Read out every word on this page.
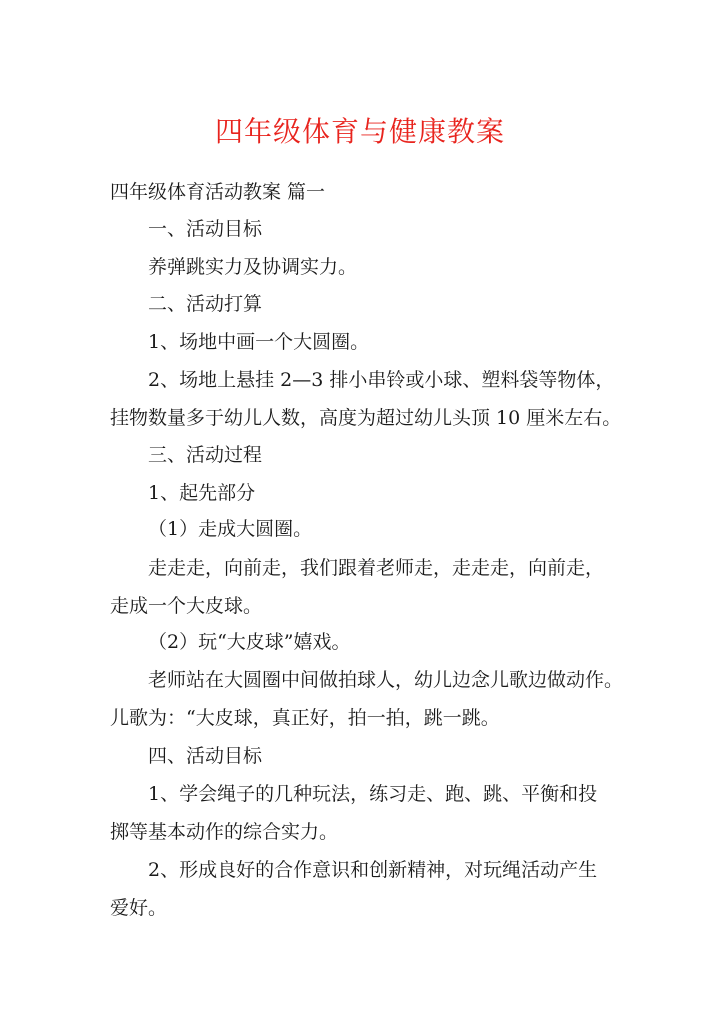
四年级体育与健康教案
四年级体育活动教案 篇一
一、活动目标
养弹跳实力及协调实力。
二、活动打算
1、场地中画一个大圆圈。
2、场地上悬挂 2—3 排小串铃或小球、塑料袋等物体，
挂物数量多于幼儿人数，高度为超过幼儿头顶 10 厘米左右。
三、活动过程
1、起先部分
（1）走成大圆圈。
走走走，向前走，我们跟着老师走，走走走，向前走，
走成一个大皮球。
（2）玩“大皮球”嬉戏。
老师站在大圆圈中间做拍球人，幼儿边念儿歌边做动作。
儿歌为：“大皮球，真正好，拍一拍，跳一跳。
四、活动目标
1、学会绳子的几种玩法，练习走、跑、跳、平衡和投
掷等基本动作的综合实力。
2、形成良好的合作意识和创新精神，对玩绳活动产生
爱好。
